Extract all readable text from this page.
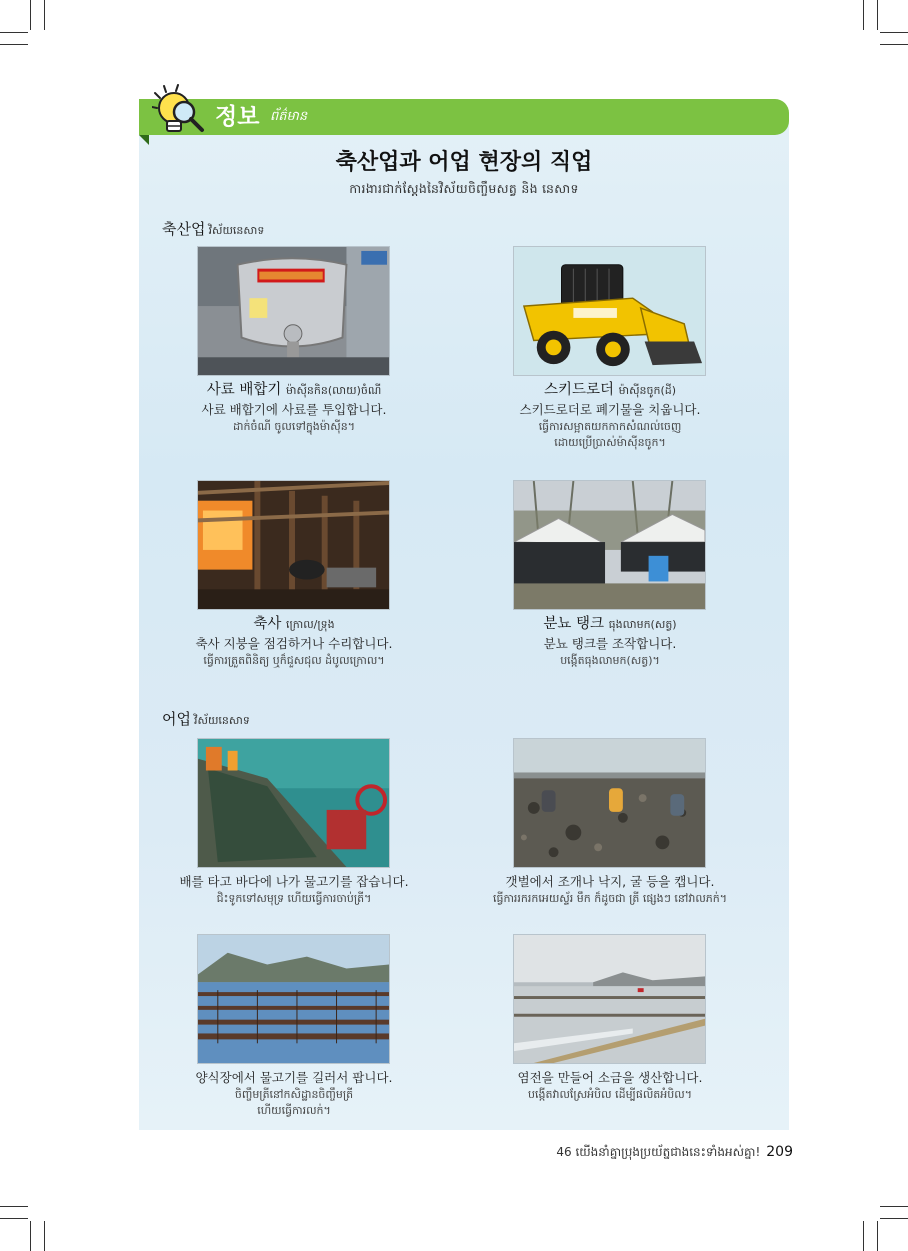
정보 ព័ត៌មាន
축산업과 어업 현장의 직업
ការងារជាក់ស្តែងនៃវិស័យចិញ្ចឹមសត្វ និង នេសាទ
축산업 វិស័យនេសាទ
사료 배합기 ម៉ាស៊ីនកិន(លាយ)ចំណី
사료 배합기에 사료를 투입합니다.
ដាក់ចំណី ចូលទៅក្នុងម៉ាស៊ីន។
스키드로더 ម៉ាស៊ីនចូក(ដី)
스키드로더로 폐기물을 치웁니다.
ធ្វើការសម្អាតយកកាកសំណល់ចេញ
ដោយប្រើប្រាស់ម៉ាស៊ីនចូក។
축사 ក្រោល/ទ្រុង
축사 지붕을 점검하거나 수리합니다.
ធ្វើការត្រួតពិនិត្យ ឬក៏ជួសជុល ដំបូលក្រោល។
분뇨 탱크 ធុងលាមក(សត្វ)
분뇨 탱크를 조작합니다.
បង្កើតធុងលាមក(សត្វ)។
어업 វិស័យនេសាទ
배를 타고 바다에 나가 물고기를 잡습니다.
ជិះទូកទៅសមុទ្រ ហើយធ្វើការចាប់ត្រី។
갯벌에서 조개나 낙지, 굴 등을 캡니다.
ធ្វើការរករកអេយស្ទ័រ មឹក ក៏ដូចជា ត្រី ផ្សេងៗ នៅវាលភក់។
양식장에서 물고기를 길러서 팝니다.
ចិញ្ចឹមត្រីនៅកសិដ្ឋានចិញ្ចឹមត្រី
ហើយធ្វើការលក់។
염전을 만들어 소금을 생산합니다.
បង្កើតវាលស្រែអំបិល ដើម្បីផលិតអំបិល។
46 យើងនាំគ្នាប្រុងប្រយ័ត្នជាងនេះទាំងអស់គ្នា! 209
